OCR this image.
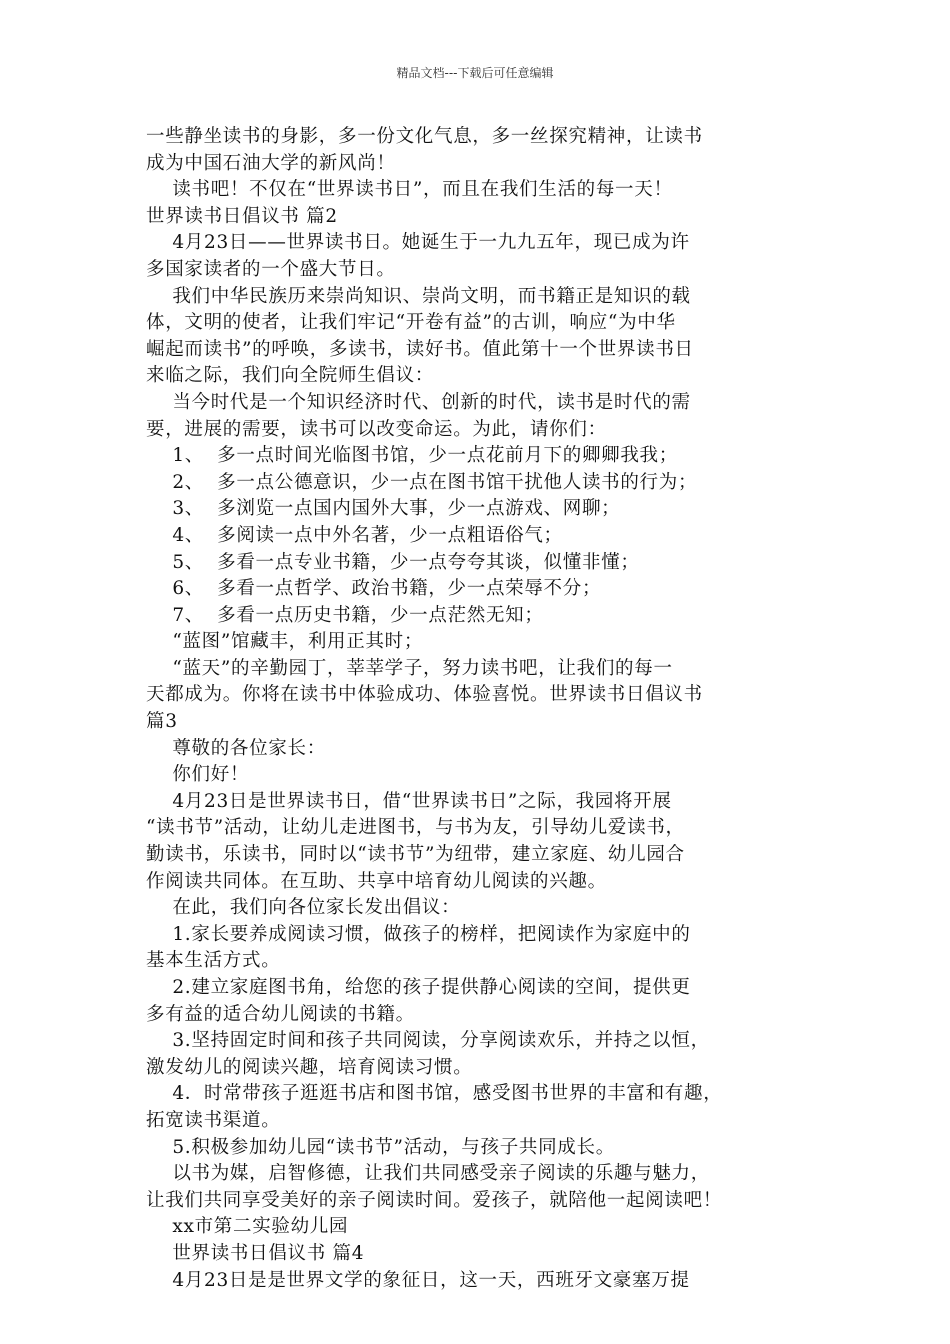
精品文档---下载后可任意编辑
一些静坐读书的身影，多一份文化气息，多一丝探究精神，让读书
成为中国石油大学的新风尚！
读书吧！不仅在“世界读书日”，而且在我们生活的每一天！
世界读书日倡议书 篇2
4月23日——世界读书日。她诞生于一九九五年，现已成为许
多国家读者的一个盛大节日。
我们中华民族历来崇尚知识、崇尚文明，而书籍正是知识的载
体，文明的使者，让我们牢记“开卷有益”的古训，响应“为中华
崛起而读书”的呼唤，多读书，读好书。值此第十一个世界读书日
来临之际，我们向全院师生倡议：
当今时代是一个知识经济时代、创新的时代，读书是时代的需
要，进展的需要，读书可以改变命运。为此，请你们：
1、  多一点时间光临图书馆，少一点花前月下的卿卿我我；
2、  多一点公德意识，少一点在图书馆干扰他人读书的行为；
3、  多浏览一点国内国外大事，少一点游戏、网聊；
4、  多阅读一点中外名著，少一点粗语俗气；
5、  多看一点专业书籍，少一点夸夸其谈，似懂非懂；
6、  多看一点哲学、政治书籍，少一点荣辱不分；
7、  多看一点历史书籍，少一点茫然无知；
“蓝图”馆藏丰，利用正其时；
“蓝天”的辛勤园丁，莘莘学子，努力读书吧，让我们的每一
天都成为。你将在读书中体验成功、体验喜悦。世界读书日倡议书
篇3
尊敬的各位家长：
你们好！
4月23日是世界读书日，借“世界读书日”之际，我园将开展
“读书节”活动，让幼儿走进图书，与书为友，引导幼儿爱读书，
勤读书，乐读书，同时以“读书节”为纽带，建立家庭、幼儿园合
作阅读共同体。在互助、共享中培育幼儿阅读的兴趣。
在此，我们向各位家长发出倡议：
1.家长要养成阅读习惯，做孩子的榜样，把阅读作为家庭中的
基本生活方式。
2.建立家庭图书角，给您的孩子提供静心阅读的空间，提供更
多有益的适合幼儿阅读的书籍。
3.坚持固定时间和孩子共同阅读，分享阅读欢乐，并持之以恒，
激发幼儿的阅读兴趣，培育阅读习惯。
4．时常带孩子逛逛书店和图书馆，感受图书世界的丰富和有趣，
拓宽读书渠道。
5.积极参加幼儿园“读书节”活动，与孩子共同成长。
以书为媒，启智修德，让我们共同感受亲子阅读的乐趣与魅力，
让我们共同享受美好的亲子阅读时间。爱孩子，就陪他一起阅读吧！
xx市第二实验幼儿园
世界读书日倡议书 篇4
4月23日是是世界文学的象征日，这一天，西班牙文豪塞万提
